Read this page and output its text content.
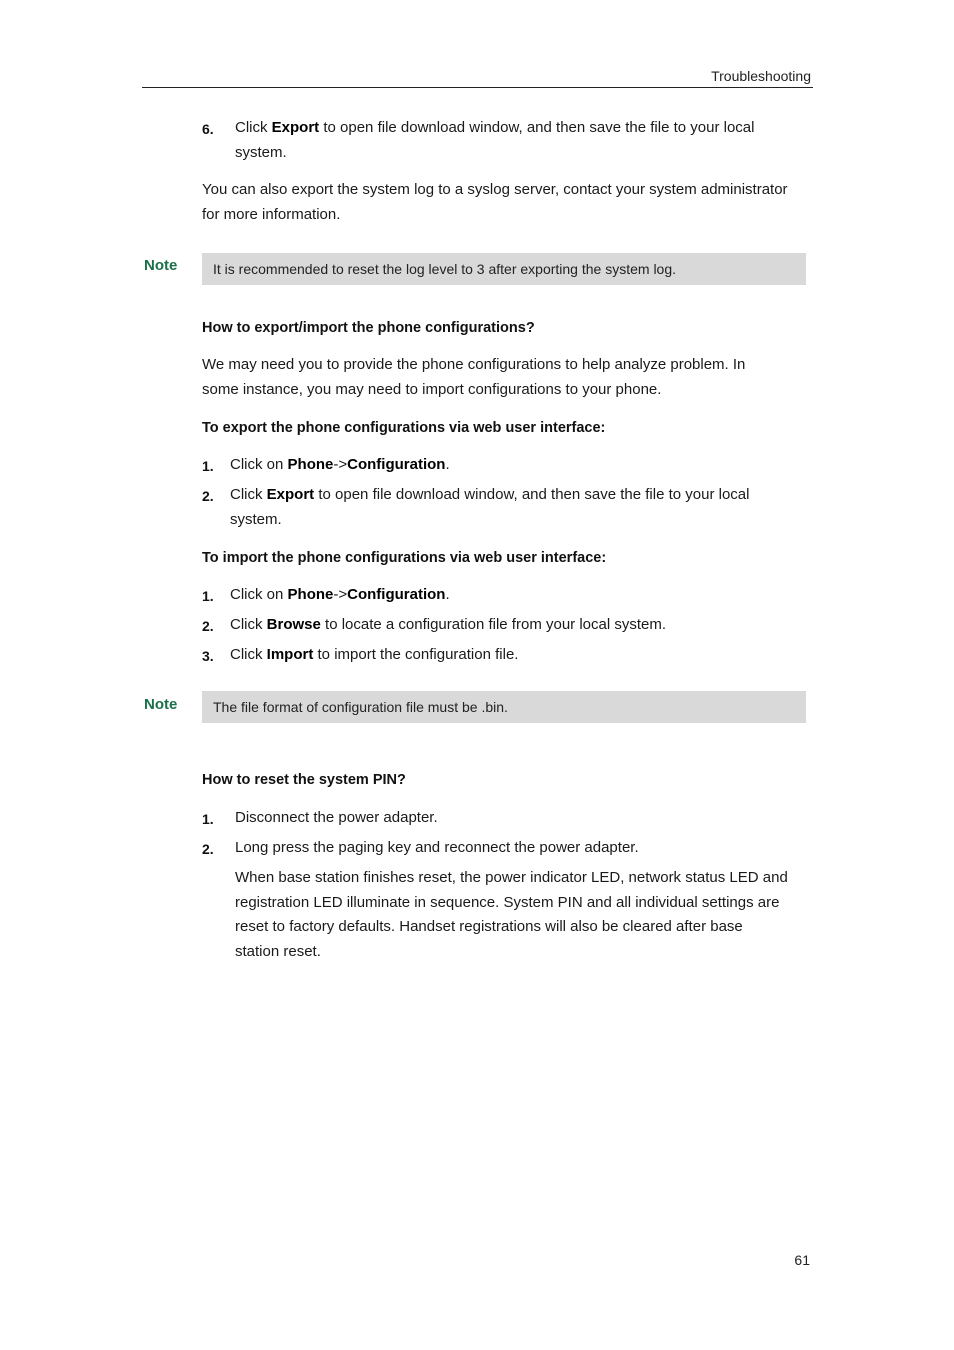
Troubleshooting
6. Click Export to open file download window, and then save the file to your local
system.
You can also export the system log to a syslog server, contact your system administrator
for more information.
Note	It is recommended to reset the log level to 3 after exporting the system log.
How to export/import the phone configurations?
We may need you to provide the phone configurations to help analyze problem. In
some instance, you may need to import configurations to your phone.
To export the phone configurations via web user interface:
1. Click on Phone->Configuration.
2. Click Export to open file download window, and then save the file to your local
system.
To import the phone configurations via web user interface:
1. Click on Phone->Configuration.
2. Click Browse to locate a configuration file from your local system.
3. Click Import to import the configuration file.
Note	The file format of configuration file must be .bin.
How to reset the system PIN?
1. Disconnect the power adapter.
2. Long press the paging key and reconnect the power adapter.
When base station finishes reset, the power indicator LED, network status LED and
registration LED illuminate in sequence. System PIN and all individual settings are
reset to factory defaults. Handset registrations will also be cleared after base
station reset.
61
